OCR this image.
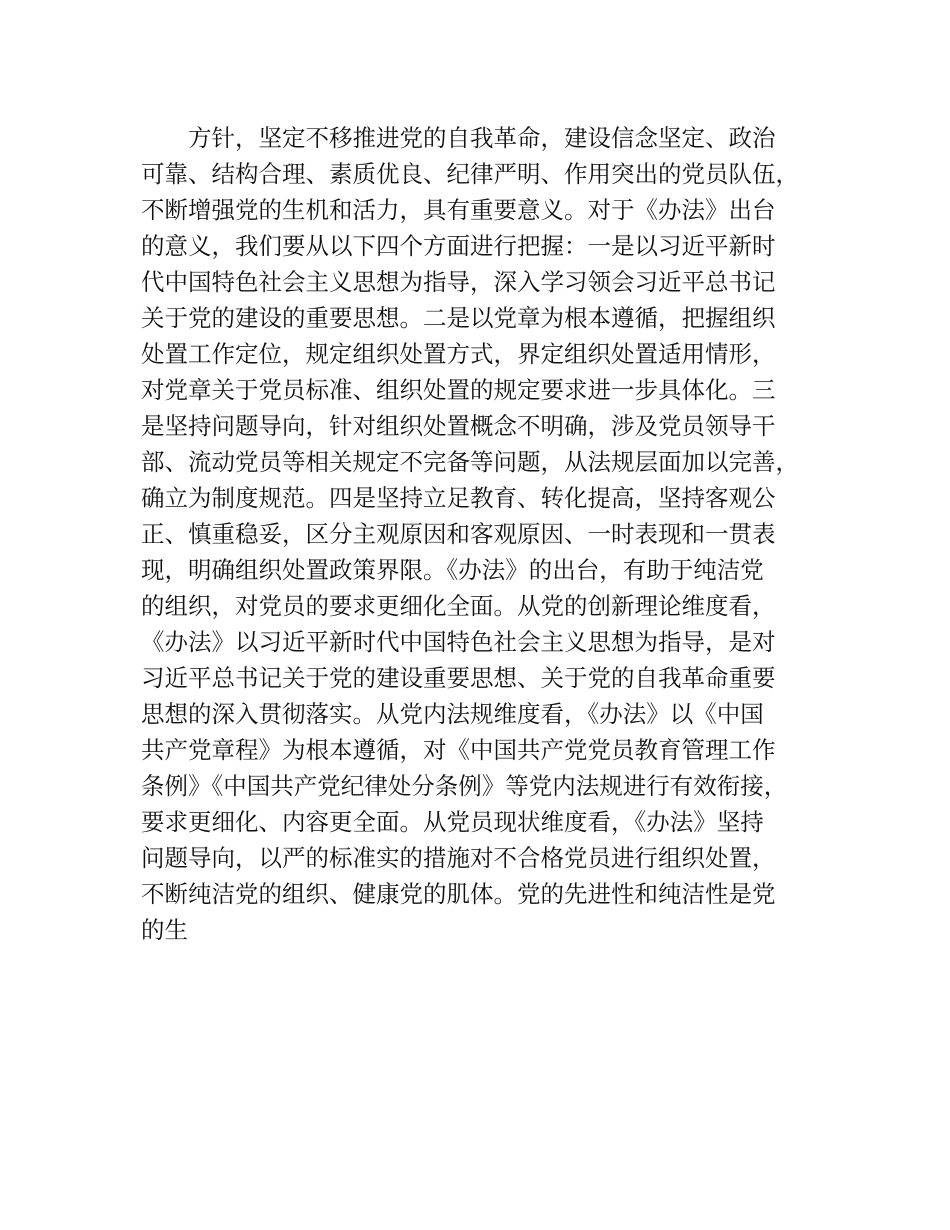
　　方针，坚定不移推进党的自我革命，建设信念坚定、政治
可靠、结构合理、素质优良、纪律严明、作用突出的党员队伍，
不断增强党的生机和活力，具有重要意义。对于《办法》出台
的意义，我们要从以下四个方面进行把握：一是以习近平新时
代中国特色社会主义思想为指导，深入学习领会习近平总书记
关于党的建设的重要思想。二是以党章为根本遵循，把握组织
处置工作定位，规定组织处置方式，界定组织处置适用情形，
对党章关于党员标准、组织处置的规定要求进一步具体化。三
是坚持问题导向，针对组织处置概念不明确，涉及党员领导干
部、流动党员等相关规定不完备等问题，从法规层面加以完善，
确立为制度规范。四是坚持立足教育、转化提高，坚持客观公
正、慎重稳妥，区分主观原因和客观原因、一时表现和一贯表
现，明确组织处置政策界限。《办法》的出台，有助于纯洁党
的组织，对党员的要求更细化全面。从党的创新理论维度看，
《办法》以习近平新时代中国特色社会主义思想为指导，是对
习近平总书记关于党的建设重要思想、关于党的自我革命重要
思想的深入贯彻落实。从党内法规维度看，《办法》以《中国
共产党章程》为根本遵循，对《中国共产党党员教育管理工作
条例》《中国共产党纪律处分条例》等党内法规进行有效衔接，
要求更细化、内容更全面。从党员现状维度看，《办法》坚持
问题导向，以严的标准实的措施对不合格党员进行组织处置，
不断纯洁党的组织、健康党的肌体。党的先进性和纯洁性是党
的生
